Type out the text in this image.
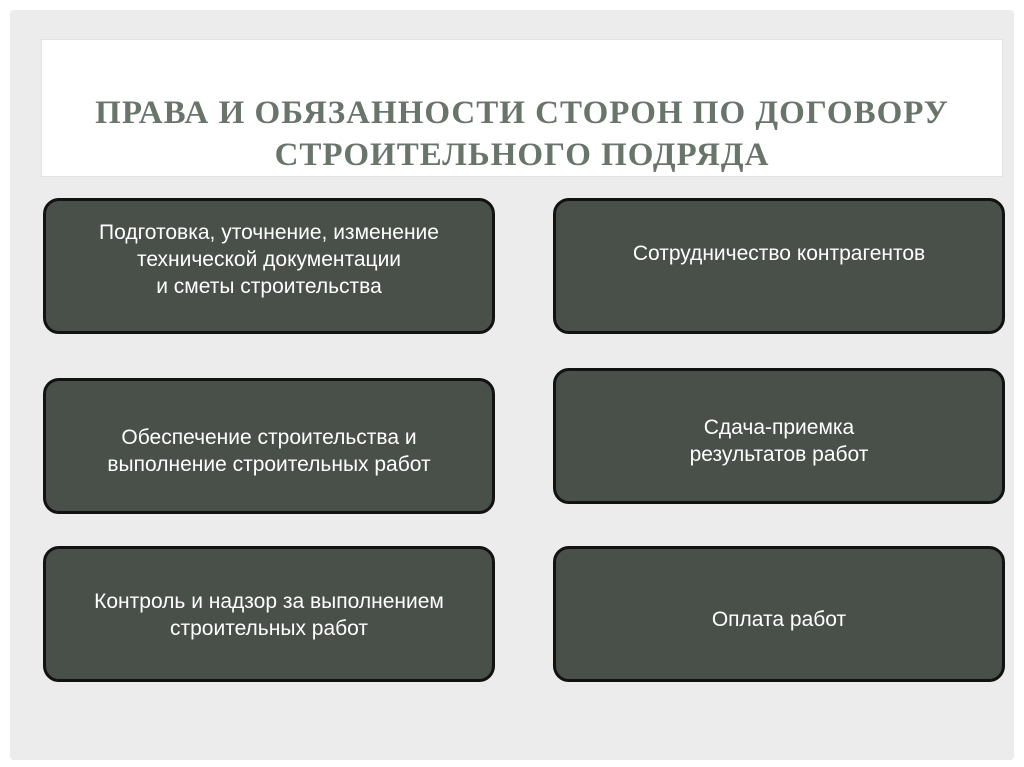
ПРАВА И ОБЯЗАННОСТИ СТОРОН ПО ДОГОВОРУ
СТРОИТЕЛЬНОГО ПОДРЯДА
Подготовка, уточнение, изменение
технической документации
и сметы строительства
Сотрудничество контрагентов
Обеспечение строительства и
выполнение строительных работ
Сдача-приемка
результатов работ
Контроль и надзор за выполнением
строительных работ	Оплата работ
